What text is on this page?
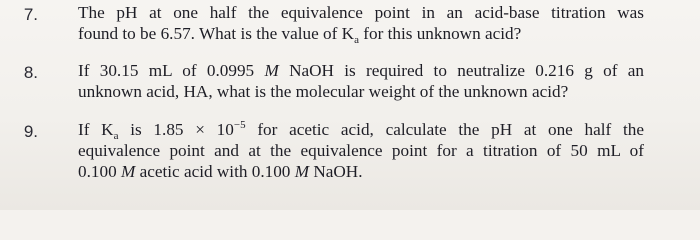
7. The pH at one half the equivalence point in an acid-base titration was
found to be 6.57. What is the value of $K_a$ for this unknown acid?
8. If 30.15 mL of 0.0995 M NaOH is required to neutralize 0.216 g of an
unknown acid, HA, what is the molecular weight of the unknown acid?
9. If $K_a$ is $1.85 \times 10^{-5}$ for acetic acid, calculate the pH at one half the
equivalence point and at the equivalence point for a titration of 50 mL of
0.100 M acetic acid with 0.100 M NaOH.
